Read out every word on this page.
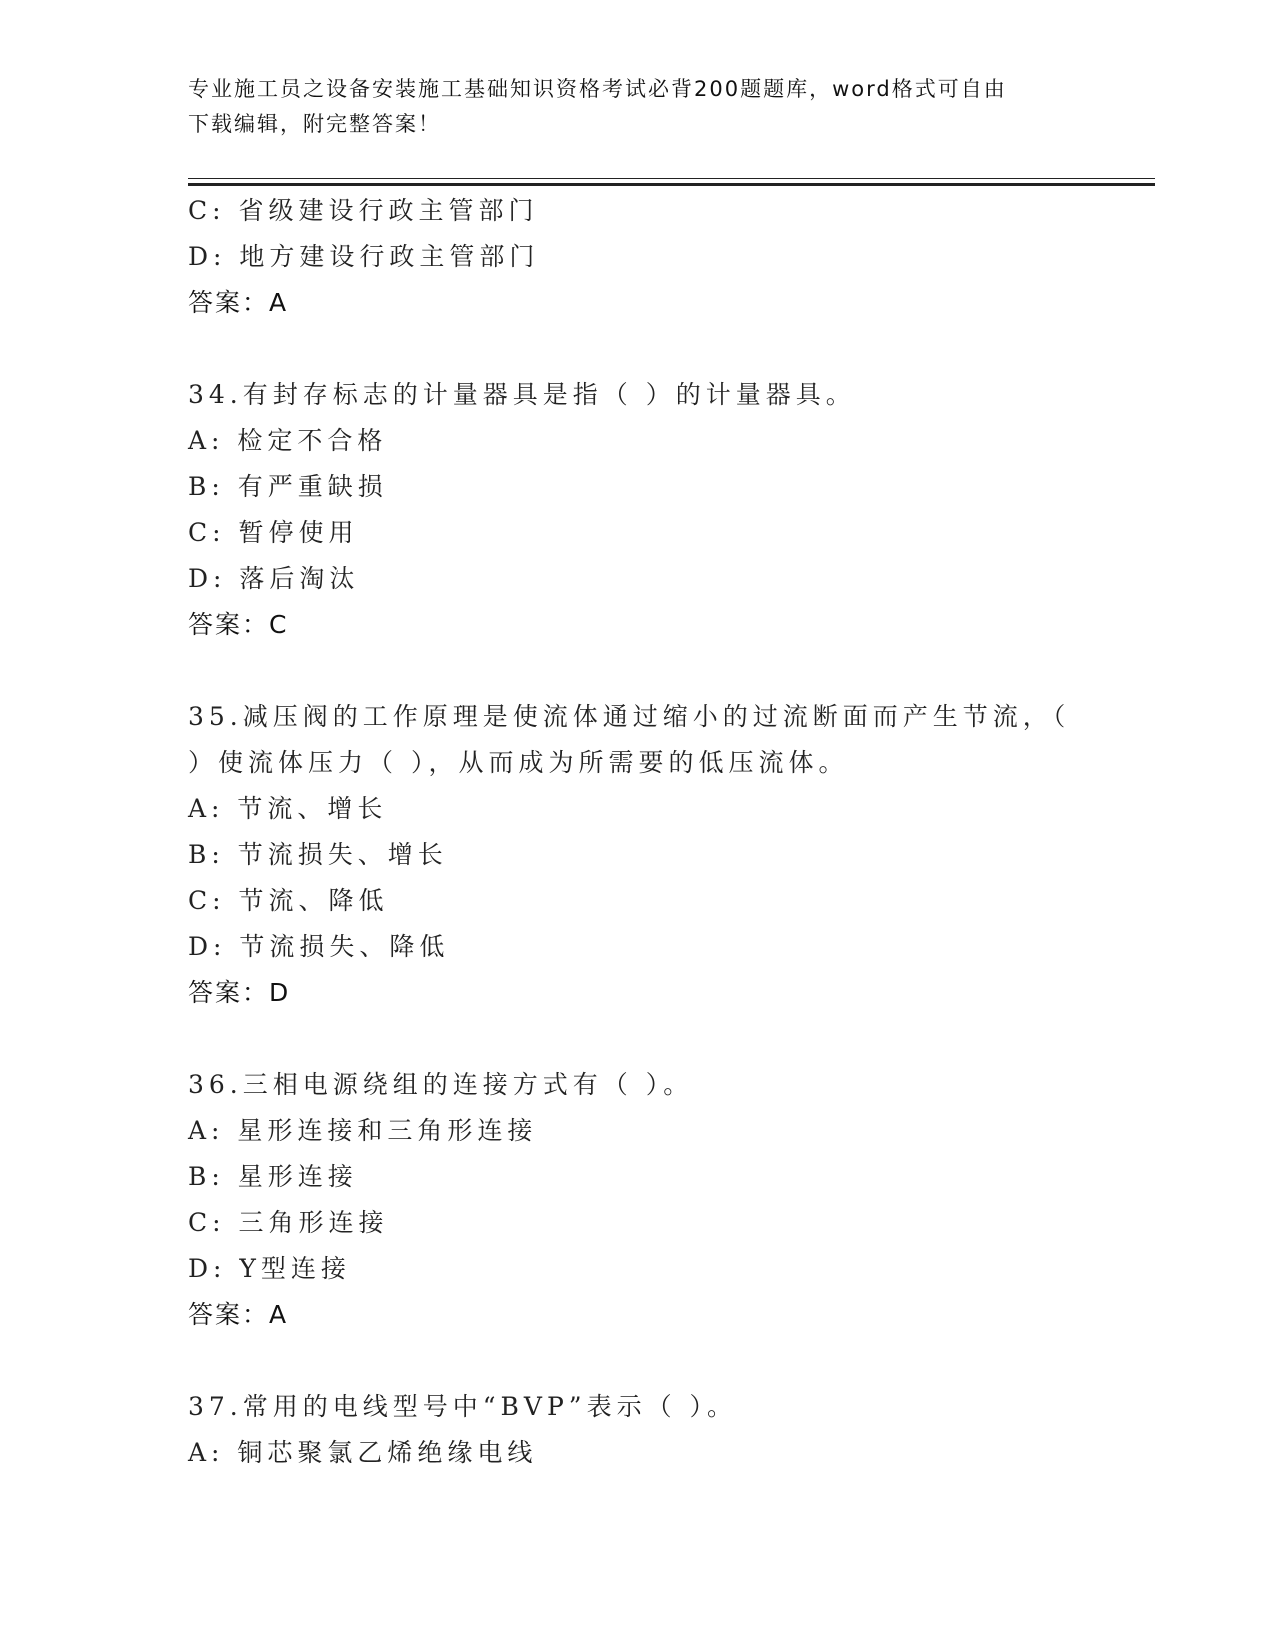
专业施工员之设备安装施工基础知识资格考试必背200题题库，word格式可自由
下载编辑，附完整答案！
C: 省级建设行政主管部门
D: 地方建设行政主管部门
答案：A
34.有封存标志的计量器具是指（ ）的计量器具。
A: 检定不合格
B: 有严重缺损
C: 暂停使用
D: 落后淘汰
答案：C
35.减压阀的工作原理是使流体通过缩小的过流断面而产生节流，（
）使流体压力（ ），从而成为所需要的低压流体。
A: 节流、增长
B: 节流损失、增长
C: 节流、降低
D: 节流损失、降低
答案：D
36.三相电源绕组的连接方式有（ ）。
A: 星形连接和三角形连接
B: 星形连接
C: 三角形连接
D: Y型连接
答案：A
37.常用的电线型号中“BVP”表示（ ）。
A: 铜芯聚氯乙烯绝缘电线
